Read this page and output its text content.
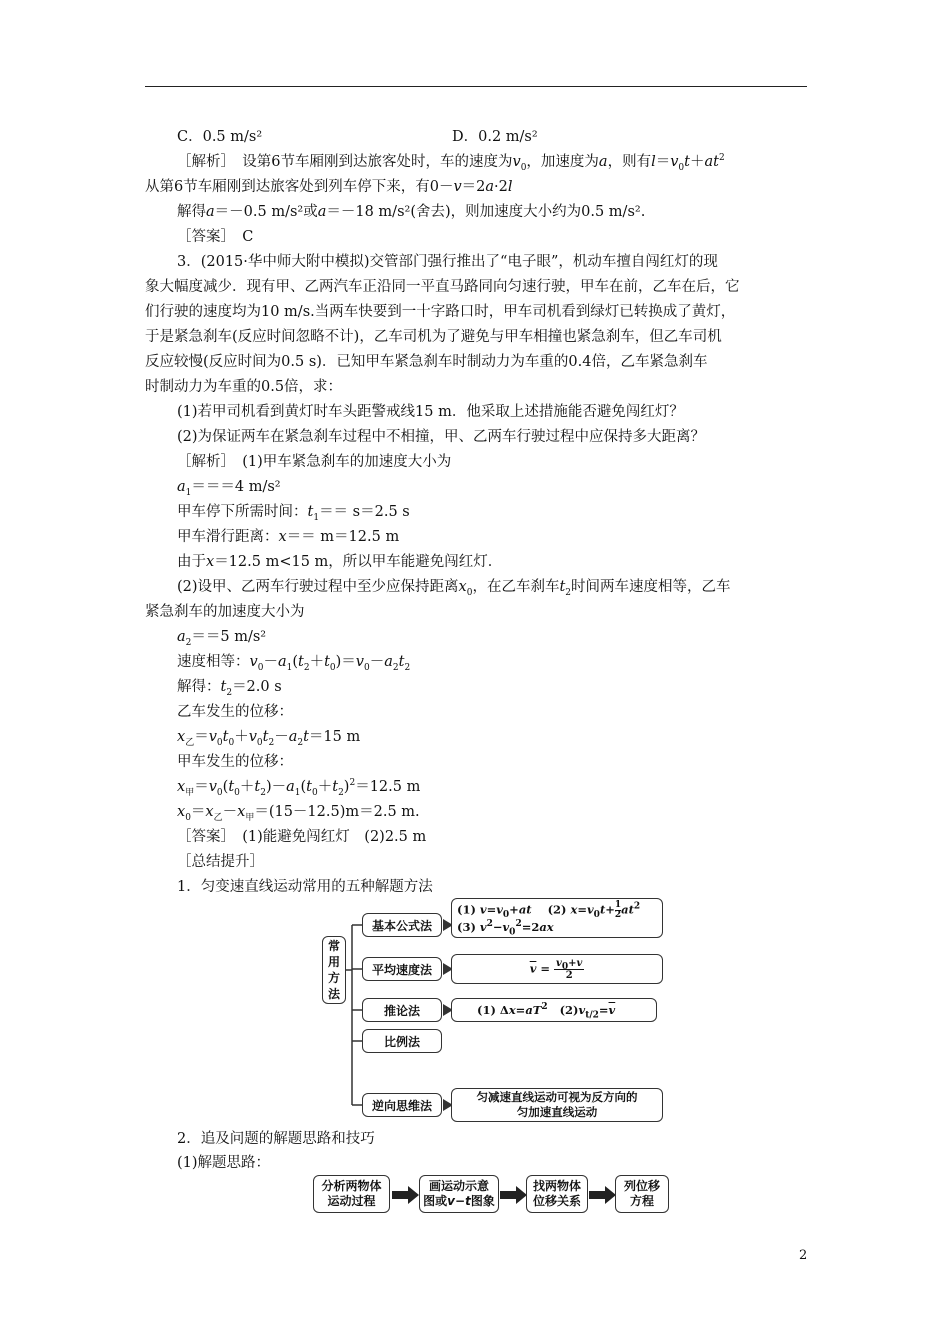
C．0.5 m/s²	D．0.2 m/s²
［解析］　设第6节车厢刚到达旅客处时，车的速度为$v_0$，加速度为a，则有$l=v_0t+at^2$
从第6节车厢刚到达旅客处到列车停下来，有0－v＝2a·2l
解得a＝－0.5 m/s²或a＝－18 m/s²(舍去)，则加速度大小约为0.5 m/s².
［答案］　C
3．(2015·华中师大附中模拟)交管部门强行推出了“电子眼”，机动车擅自闯红灯的现
象大幅度减少．现有甲、乙两汽车正沿同一平直马路同向匀速行驶，甲车在前，乙车在后，它
们行驶的速度均为10 m/s.当两车快要到一十字路口时，甲车司机看到绿灯已转换成了黄灯，
于是紧急刹车(反应时间忽略不计)，乙车司机为了避免与甲车相撞也紧急刹车，但乙车司机
反应较慢(反应时间为0.5 s)．已知甲车紧急刹车时制动力为车重的0.4倍，乙车紧急刹车
时制动力为车重的0.5倍，求：
(1)若甲司机看到黄灯时车头距警戒线15 m．他采取上述措施能否避免闯红灯？
(2)为保证两车在紧急刹车过程中不相撞，甲、乙两车行驶过程中应保持多大距离？
［解析］　(1)甲车紧急刹车的加速度大小为
$a_1===4$ m/s²
甲车停下所需时间：$t_1== s=2.5$ s
甲车滑行距离：x＝＝ m＝12.5 m
由于x＝12.5 m<15 m，所以甲车能避免闯红灯．
(2)设甲、乙两车行驶过程中至少应保持距离$x_0$，在乙车刹车$t_2$时间两车速度相等，乙车
紧急刹车的加速度大小为
$a_2==5$ m/s²
速度相等：$v_0-a_1(t_2+t_0)=v_0-a_2t_2$
解得：$t_2=2.0$ s
乙车发生的位移：
$x_乙=v_0t_0+v_0t_2-a_2t=15$ m
甲车发生的位移：
$x_甲=v_0(t_0+t_2)-a_1(t_0+t_2)^2=12.5$ m
$x_0=x_乙-x_甲=(15-12.5)m=2.5$ m.
［答案］　(1)能避免闯红灯　(2)2.5 m
［总结提升］
1．匀变速直线运动常用的五种解题方法
常
用
方
法
基本公式法
平均速度法
推论法
比例法
逆向思维法
(1) $v=v_0+at$    (2) $x=v_0t+ \frac{1}{2} at^2$
(3) $v^2-v_0^2=2ax$
$\overline{v} = \frac{v_0+v}{2}$
(1) $\Delta x=aT^2$   $(2)v_{t/2}=\overline{v}$
匀减速直线运动可视为反方向的
匀加速直线运动
2．追及问题的解题思路和技巧
(1)解题思路：
分析两物体
运动过程
画运动示意
图或v−t图象
找两物体
位移关系
列位移
方程
2
